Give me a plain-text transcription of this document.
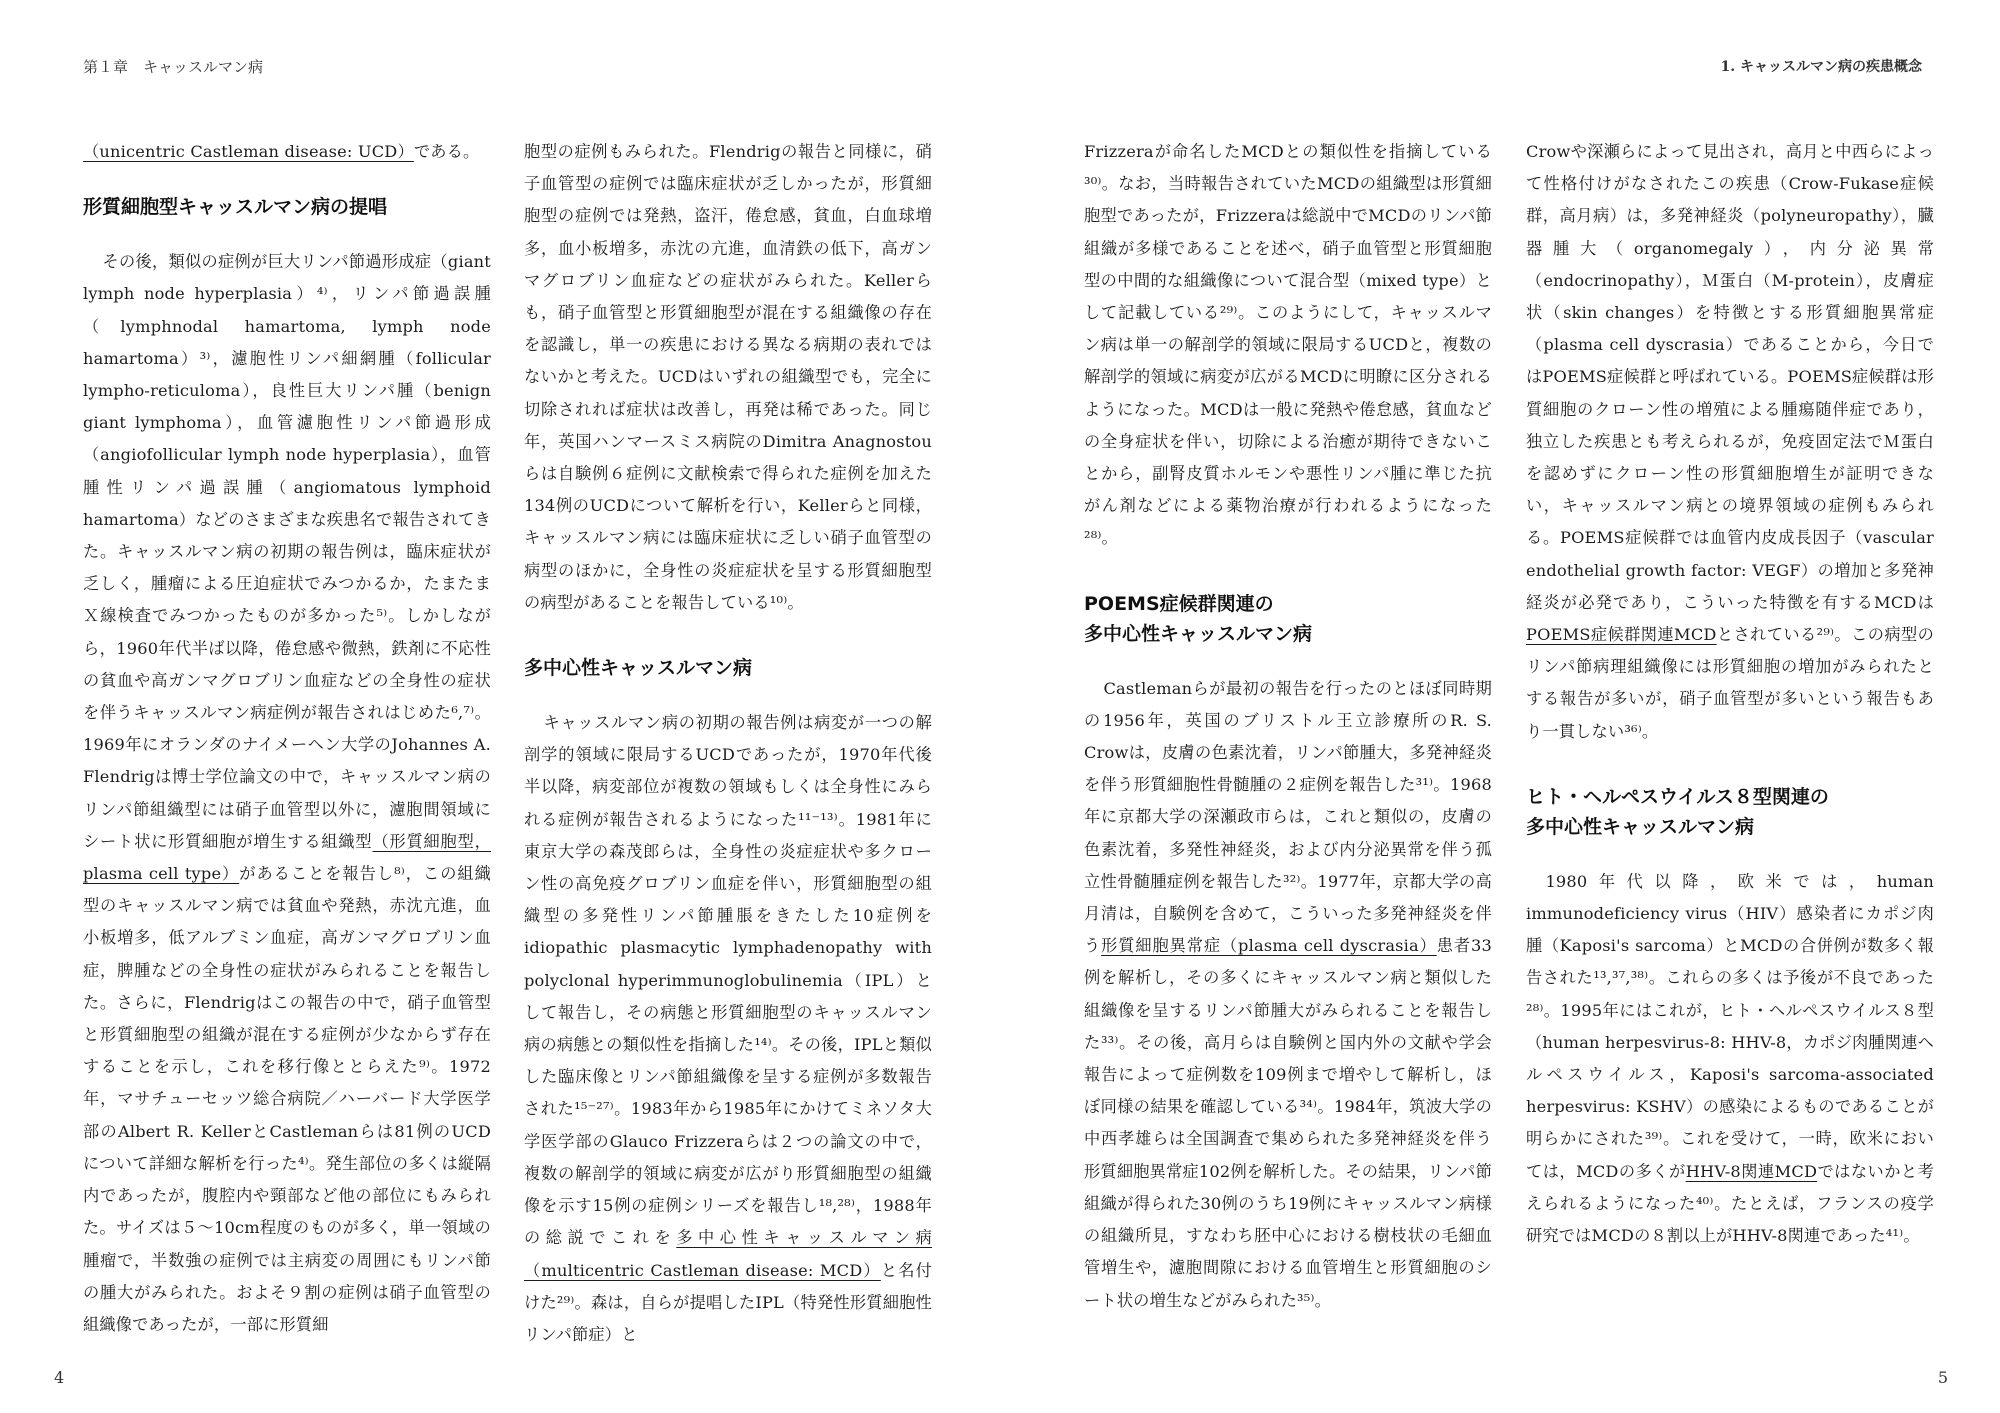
第１章　キャッスルマン病

（unicentric Castleman disease: UCD）である。

形質細胞型キャッスルマン病の提唱

その後，類似の症例が巨大リンパ節過形成症（giant lymph node hyperplasia）⁴⁾，リンパ節過誤腫（lymphnodal hamartoma, lymph node hamartoma）³⁾，濾胞性リンパ細網腫（follicular lympho-reticuloma），良性巨大リンパ腫（benign giant lymphoma），血管濾胞性リンパ節過形成（angiofollicular lymph node hyperplasia），血管腫性リンパ過誤腫（angiomatous lymphoid hamartoma）などのさまざまな疾患名で報告されてきた。キャッスルマン病の初期の報告例は，臨床症状が乏しく，腫瘤による圧迫症状でみつかるか，たまたまＸ線検査でみつかったものが多かった⁵⁾。しかしながら，1960年代半ば以降，倦怠感や微熱，鉄剤に不応性の貧血や高ガンマグロブリン血症などの全身性の症状を伴うキャッスルマン病症例が報告されはじめた⁶,⁷⁾。1969年にオランダのナイメーヘン大学のJohannes A. Flendrigは博士学位論文の中で，キャッスルマン病のリンパ節組織型には硝子血管型以外に，濾胞間領域にシート状に形質細胞が増生する組織型（形質細胞型，plasma cell type）があることを報告し⁸⁾，この組織型のキャッスルマン病では貧血や発熱，赤沈亢進，血小板増多，低アルブミン血症，高ガンマグロブリン血症，脾腫などの全身性の症状がみられることを報告した。さらに，Flendrigはこの報告の中で，硝子血管型と形質細胞型の組織が混在する症例が少なからず存在することを示し，これを移行像ととらえた⁹⁾。1972年，マサチューセッツ総合病院／ハーバード大学医学部のAlbert R. KellerとCastlemanらは81例のUCDについて詳細な解析を行った⁴⁾。発生部位の多くは縦隔内であったが，腹腔内や頸部など他の部位にもみられた。サイズは５～10cm程度のものが多く，単一領域の腫瘤で，半数強の症例では主病変の周囲にもリンパ節の腫大がみられた。およそ９割の症例は硝子血管型の組織像であったが，一部に形質細

胞型の症例もみられた。Flendrigの報告と同様に，硝子血管型の症例では臨床症状が乏しかったが，形質細胞型の症例では発熱，盗汗，倦怠感，貧血，白血球増多，血小板増多，赤沈の亢進，血清鉄の低下，高ガンマグロブリン血症などの症状がみられた。Kellerらも，硝子血管型と形質細胞型が混在する組織像の存在を認識し，単一の疾患における異なる病期の表れではないかと考えた。UCDはいずれの組織型でも，完全に切除されれば症状は改善し，再発は稀であった。同じ年，英国ハンマースミス病院のDimitra Anagnostouらは自験例６症例に文献検索で得られた症例を加えた134例のUCDについて解析を行い，Kellerらと同様，キャッスルマン病には臨床症状に乏しい硝子血管型の病型のほかに，全身性の炎症症状を呈する形質細胞型の病型があることを報告している¹⁰⁾。

多中心性キャッスルマン病

キャッスルマン病の初期の報告例は病変が一つの解剖学的領域に限局するUCDであったが，1970年代後半以降，病変部位が複数の領域もしくは全身性にみられる症例が報告されるようになった¹¹⁻¹³⁾。1981年に東京大学の森茂郎らは，全身性の炎症症状や多クローン性の高免疫グロブリン血症を伴い，形質細胞型の組織型の多発性リンパ節腫脹をきたした10症例をidiopathic plasmacytic lymphadenopathy with polyclonal hyperimmunoglobulinemia（IPL）として報告し，その病態と形質細胞型のキャッスルマン病の病態との類似性を指摘した¹⁴⁾。その後，IPLと類似した臨床像とリンパ節組織像を呈する症例が多数報告された¹⁵⁻²⁷⁾。1983年から1985年にかけてミネソタ大学医学部のGlauco Frizzeraらは２つの論文の中で，複数の解剖学的領域に病変が広がり形質細胞型の組織像を示す15例の症例シリーズを報告し¹⁸,²⁸⁾，1988年の総説でこれを多中心性キャッスルマン病（multicentric Castleman disease: MCD）と名付けた²⁹⁾。森は，自らが提唱したIPL（特発性形質細胞性リンパ節症）と

4
1. キャッスルマン病の疾患概念

Frizzeraが命名したMCDとの類似性を指摘している³⁰⁾。なお，当時報告されていたMCDの組織型は形質細胞型であったが，Frizzeraは総説中でMCDのリンパ節組織が多様であることを述べ，硝子血管型と形質細胞型の中間的な組織像について混合型（mixed type）として記載している²⁹⁾。このようにして，キャッスルマン病は単一の解剖学的領域に限局するUCDと，複数の解剖学的領域に病変が広がるMCDに明瞭に区分されるようになった。MCDは一般に発熱や倦怠感，貧血などの全身症状を伴い，切除による治癒が期待できないことから，副腎皮質ホルモンや悪性リンパ腫に準じた抗がん剤などによる薬物治療が行われるようになった²⁸⁾。

POEMS症候群関連の
多中心性キャッスルマン病

Castlemanらが最初の報告を行ったのとほぼ同時期の1956年，英国のブリストル王立診療所のR. S. Crowは，皮膚の色素沈着，リンパ節腫大，多発神経炎を伴う形質細胞性骨髄腫の２症例を報告した³¹⁾。1968年に京都大学の深瀬政市らは，これと類似の，皮膚の色素沈着，多発性神経炎，および内分泌異常を伴う孤立性骨髄腫症例を報告した³²⁾。1977年，京都大学の高月清は，自験例を含めて，こういった多発神経炎を伴う形質細胞異常症（plasma cell dyscrasia）患者33例を解析し，その多くにキャッスルマン病と類似した組織像を呈するリンパ節腫大がみられることを報告した³³⁾。その後，高月らは自験例と国内外の文献や学会報告によって症例数を109例まで増やして解析し，ほぼ同様の結果を確認している³⁴⁾。1984年，筑波大学の中西孝雄らは全国調査で集められた多発神経炎を伴う形質細胞異常症102例を解析した。その結果，リンパ節組織が得られた30例のうち19例にキャッスルマン病様の組織所見，すなわち胚中心における樹枝状の毛細血管増生や，濾胞間隙における血管増生と形質細胞のシート状の増生などがみられた³⁵⁾。

Crowや深瀬らによって見出され，高月と中西らによって性格付けがなされたこの疾患（Crow-Fukase症候群，高月病）は，多発神経炎（polyneuropathy），臓器腫大（organomegaly），内分泌異常（endocrinopathy），Ｍ蛋白（M-protein），皮膚症状（skin changes）を特徴とする形質細胞異常症（plasma cell dyscrasia）であることから，今日ではPOEMS症候群と呼ばれている。POEMS症候群は形質細胞のクローン性の増殖による腫瘍随伴症であり，独立した疾患とも考えられるが，免疫固定法でＭ蛋白を認めずにクローン性の形質細胞増生が証明できない，キャッスルマン病との境界領域の症例もみられる。POEMS症候群では血管内皮成長因子（vascular endothelial growth factor: VEGF）の増加と多発神経炎が必発であり，こういった特徴を有するMCDはPOEMS症候群関連MCDとされている²⁹⁾。この病型のリンパ節病理組織像には形質細胞の増加がみられたとする報告が多いが，硝子血管型が多いという報告もあり一貫しない³⁶⁾。

ヒト・ヘルペスウイルス８型関連の
多中心性キャッスルマン病

1980年代以降，欧米では，human immunodeficiency virus（HIV）感染者にカポジ肉腫（Kaposi's sarcoma）とMCDの合併例が数多く報告された¹³,³⁷,³⁸⁾。これらの多くは予後が不良であった²⁸⁾。1995年にはこれが，ヒト・ヘルペスウイルス８型（human herpesvirus-8: HHV-8，カポジ肉腫関連ヘルペスウイルス，Kaposi's sarcoma-associated herpesvirus: KSHV）の感染によるものであることが明らかにされた³⁹⁾。これを受けて，一時，欧米においては，MCDの多くがHHV-8関連MCDではないかと考えられるようになった⁴⁰⁾。たとえば，フランスの疫学研究ではMCDの８割以上がHHV-8関連であった⁴¹⁾。

5
